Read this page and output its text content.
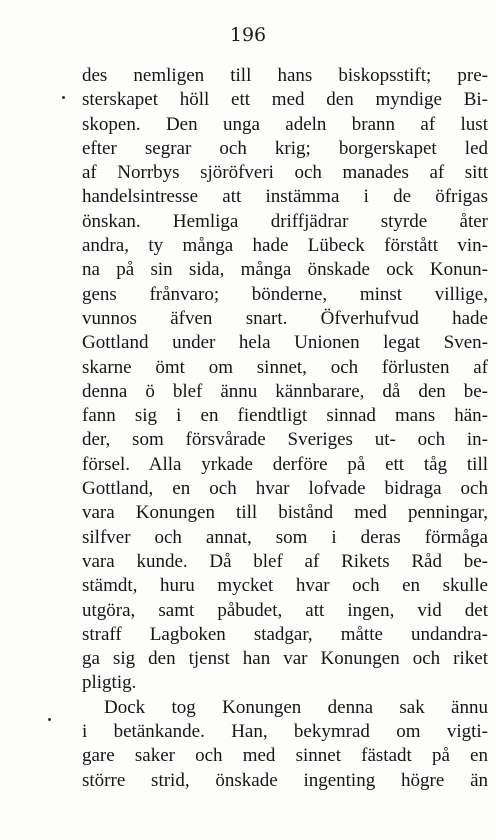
196
des nemligen till hans biskopsstift; pre-
sterskapet höll ett med den myndige Bi-
skopen. Den unga adeln brann af lust
efter segrar och krig; borgerskapet led
af Norrbys sjöröfveri och manades af sitt
handelsintresse att instämma i de öfrigas
önskan. Hemliga driffjädrar styrde åter
andra, ty många hade Lübeck förstått vin-
na på sin sida, många önskade ock Konun-
gens frånvaro; bönderne, minst villige,
vunnos äfven snart. Öfverhufvud hade
Gottland under hela Unionen legat Sven-
skarne ömt om sinnet, och förlusten af
denna ö blef ännu kännbarare, då den be-
fann sig i en fiendtligt sinnad mans hän-
der, som försvårade Sveriges ut- och in-
försel. Alla yrkade derföre på ett tåg till
Gottland, en och hvar lofvade bidraga och
vara Konungen till bistånd med penningar,
silfver och annat, som i deras förmåga
vara kunde. Då blef af Rikets Råd be-
stämdt, huru mycket hvar och en skulle
utgöra, samt påbudet, att ingen, vid det
straff Lagboken stadgar, måtte undandra-
ga sig den tjenst han var Konungen och riket
pligtig.
Dock tog Konungen denna sak ännu
i betänkande. Han, bekymrad om vigti-
gare saker och med sinnet fästadt på en
större strid, önskade ingenting högre än
